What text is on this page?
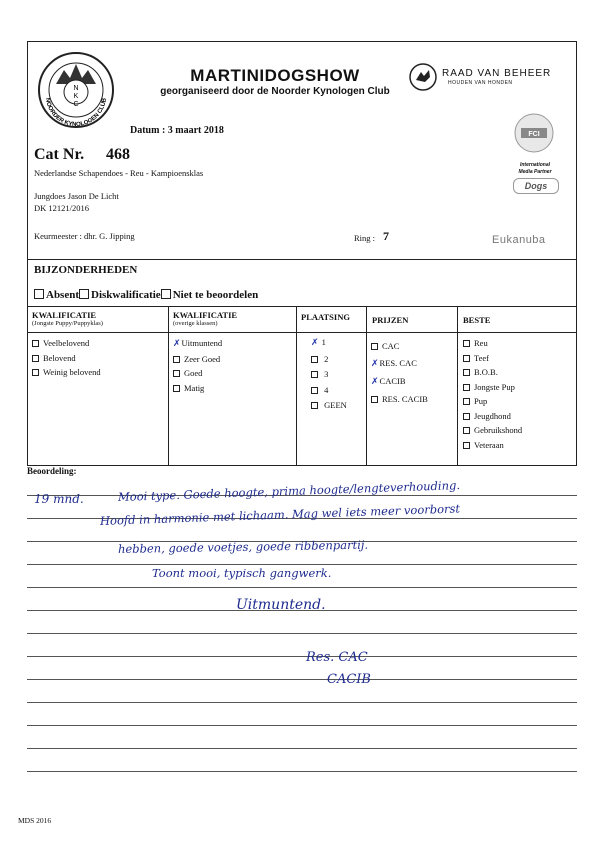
N
K
C
NOORDER KYNOLOGEN CLUB
MARTINIDOGSHOW
georganiseerd door de Noorder Kynologen Club
RAAD VAN BEHEER
HOUDEN VAN HONDEN
FCI
International
Media Partner
Dogs
Datum : 3 maart 2018
Cat Nr. 468
Nederlandse Schapendoes - Reu - Kampioensklas
Jungdoes Jason De Licht
DK 12121/2016
Keurmeester : dhr. G. Jipping	Ring : 7	Eukanuba
BIJZONDERHEDEN
Absent Diskwalificatie Niet te beoordelen
KWALIFICATIE
(Jongste Puppy/Puppyklas)
Veelbelovend
Belovend
Weinig belovend
KWALIFICATIE
(overige klassen)
✗Uitmuntend
Zeer Goed
Goed
Matig
PLAATSING
✗ 1
2
3
4
GEEN
PRIJZEN
CAC
✗RES. CAC
✗CACIB
RES. CACIB
BESTE
Reu
Teef
B.O.B.
Jongste Pup
Pup
Jeugdhond
Gebruikshond
Veteraan
Beoordeling:
19 mnd.	Mooi type. Goede hoogte, prima hoogte/lengteverhouding.
Hoofd in harmonie met lichaam. Mag wel iets meer voorborst
hebben, goede voetjes, goede ribbenpartij.
Toont mooi, typisch gangwerk.
Uitmuntend.
Res. CAC
CACIB
MDS 2016
